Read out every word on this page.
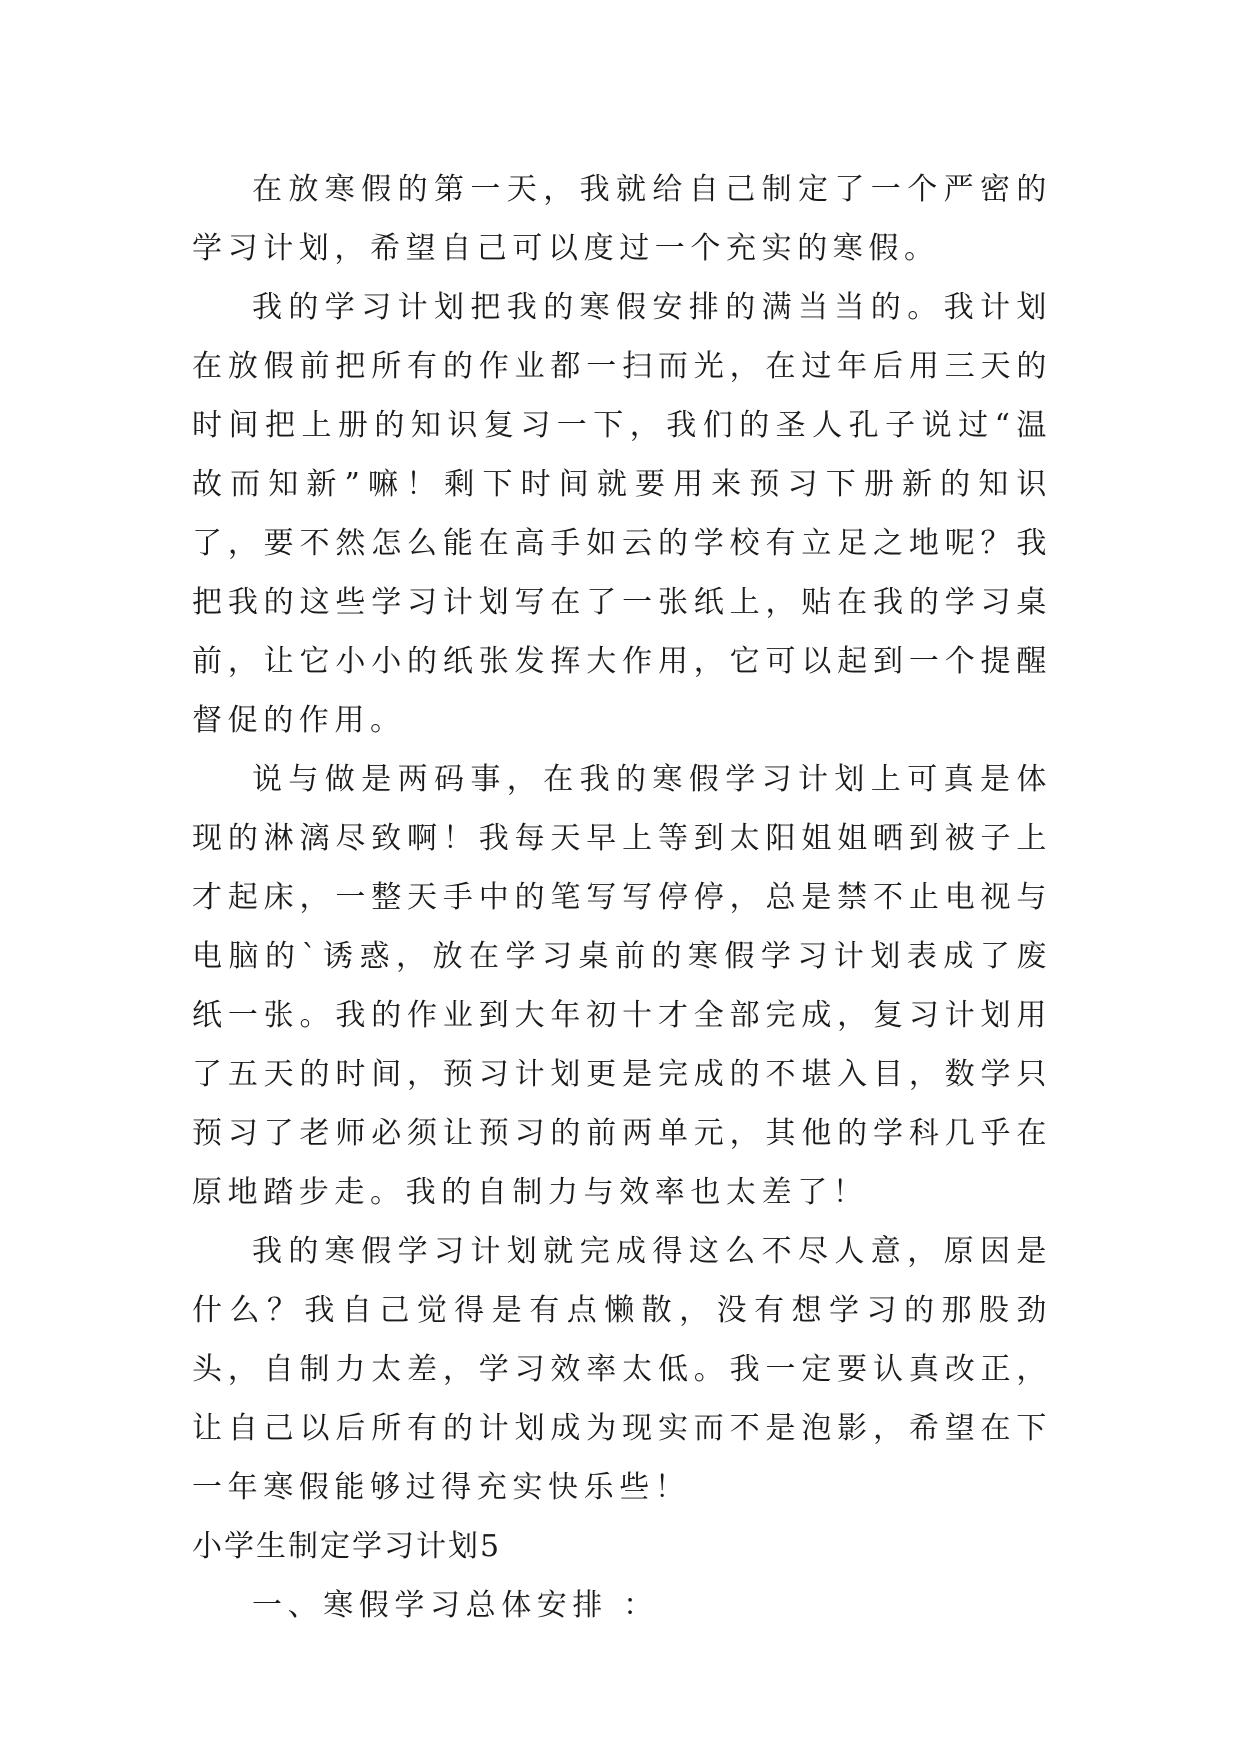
在放寒假的第一天，我就给自己制定了一个严密的学习计划，希望自己可以度过一个充实的寒假。

我的学习计划把我的寒假安排的满当当的。我计划在放假前把所有的作业都一扫而光，在过年后用三天的时间把上册的知识复习一下，我们的圣人孔子说过“温故而知新”嘛！剩下时间就要用来预习下册新的知识了，要不然怎么能在高手如云的学校有立足之地呢？我把我的这些学习计划写在了一张纸上，贴在我的学习桌前，让它小小的纸张发挥大作用，它可以起到一个提醒督促的作用。

说与做是两码事，在我的寒假学习计划上可真是体现的淋漓尽致啊！我每天早上等到太阳姐姐晒到被子上才起床，一整天手中的笔写写停停，总是禁不止电视与电脑的`诱惑，放在学习桌前的寒假学习计划表成了废纸一张。我的作业到大年初十才全部完成，复习计划用了五天的时间，预习计划更是完成的不堪入目，数学只预习了老师必须让预习的前两单元，其他的学科几乎在原地踏步走。我的自制力与效率也太差了！

我的寒假学习计划就完成得这么不尽人意，原因是什么？我自己觉得是有点懒散，没有想学习的那股劲头，自制力太差，学习效率太低。我一定要认真改正，让自己以后所有的计划成为现实而不是泡影，希望在下一年寒假能够过得充实快乐些！

小学生制定学习计划5

一、寒假学习总体安排 ：
